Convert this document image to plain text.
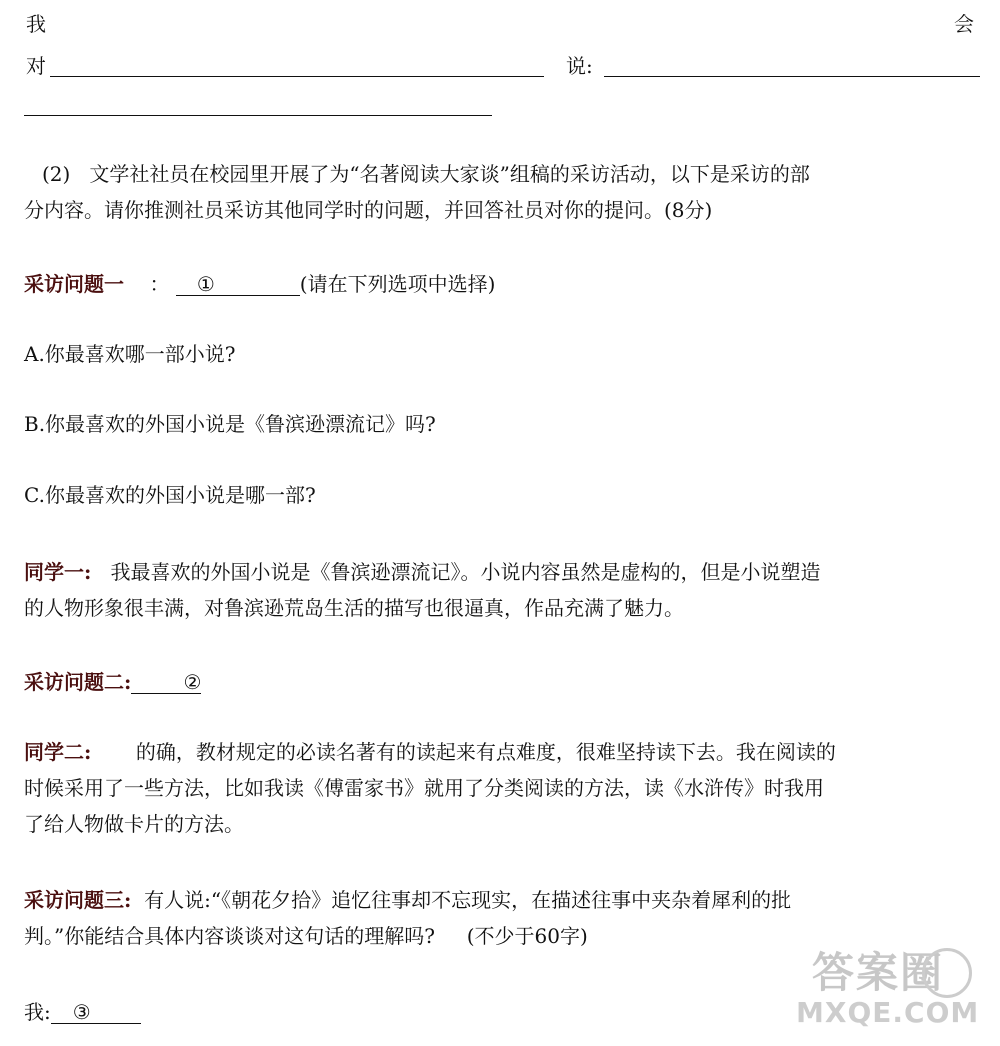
我	会
对	说:
(2) 文学社社员在校园里开展了为“名著阅读大家谈”组稿的采访活动，以下是采访的部
分内容。请你推测社员采访其他同学时的问题，并回答社员对你的提问。(8分)
采访问题一 ： ①	(请在下列选项中选择)
A.你最喜欢哪一部小说?
B.你最喜欢的外国小说是《鲁滨逊漂流记》吗?
C.你最喜欢的外国小说是哪一部?
同学一: 我最喜欢的外国小说是《鲁滨逊漂流记》。小说内容虽然是虚构的，但是小说塑造
的人物形象很丰满，对鲁滨逊荒岛生活的描写也很逼真，作品充满了魅力。
采访问题二:	②
同学二: 的确，教材规定的必读名著有的读起来有点难度，很难坚持读下去。我在阅读的
时候采用了一些方法，比如我读《傅雷家书》就用了分类阅读的方法，读《水浒传》时我用
了给人物做卡片的方法。
采访问题三: 有人说:“《朝花夕拾》追忆往事却不忘现实，在描述往事中夹杂着犀利的批
判。”你能结合具体内容谈谈对这句话的理解吗? (不少于60字)
我: ③
答案圈
MXQE.COM
